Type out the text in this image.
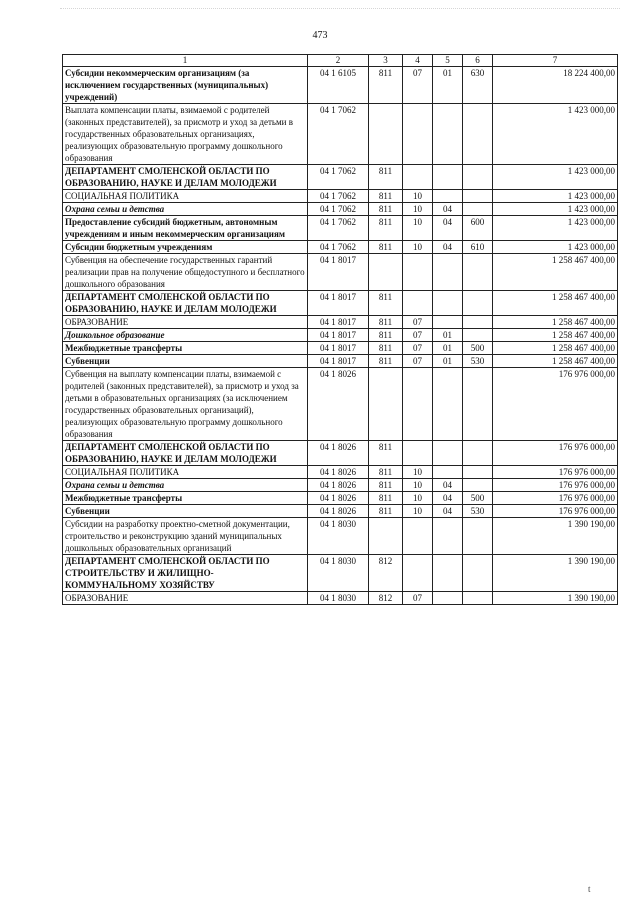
473
t
1	2	3	4	5	6	7
Субсидии некоммерческим организациям (за исключением государственных (муниципальных) учреждений)	04 1 6105	811	07	01	630	18 224 400,00
Выплата компенсации платы, взимаемой с родителей (законных представителей), за присмотр и уход за детьми в государственных образовательных организациях, реализующих образовательную программу дошкольного образования	04 1 7062					1 423 000,00
ДЕПАРТАМЕНТ СМОЛЕНСКОЙ ОБЛАСТИ ПО ОБРАЗОВАНИЮ, НАУКЕ И ДЕЛАМ МОЛОДЕЖИ	04 1 7062	811				1 423 000,00
СОЦИАЛЬНАЯ ПОЛИТИКА	04 1 7062	811	10			1 423 000,00
Охрана семьи и детства	04 1 7062	811	10	04		1 423 000,00
Предоставление субсидий бюджетным, автономным учреждениям и иным некоммерческим организациям	04 1 7062	811	10	04	600	1 423 000,00
Субсидии бюджетным учреждениям	04 1 7062	811	10	04	610	1 423 000,00
Субвенция на обеспечение государственных гарантий реализации прав на получение общедоступного и бесплатного дошкольного образования	04 1 8017					1 258 467 400,00
ДЕПАРТАМЕНТ СМОЛЕНСКОЙ ОБЛАСТИ ПО ОБРАЗОВАНИЮ, НАУКЕ И ДЕЛАМ МОЛОДЕЖИ	04 1 8017	811				1 258 467 400,00
ОБРАЗОВАНИЕ	04 1 8017	811	07			1 258 467 400,00
Дошкольное образование	04 1 8017	811	07	01		1 258 467 400,00
Межбюджетные трансферты	04 1 8017	811	07	01	500	1 258 467 400,00
Субвенции	04 1 8017	811	07	01	530	1 258 467 400,00
Субвенция на выплату компенсации платы, взимаемой с родителей (законных представителей), за присмотр и уход за детьми в образовательных организациях (за исключением государственных образовательных организаций), реализующих образовательную программу дошкольного образования	04 1 8026					176 976 000,00
ДЕПАРТАМЕНТ СМОЛЕНСКОЙ ОБЛАСТИ ПО ОБРАЗОВАНИЮ, НАУКЕ И ДЕЛАМ МОЛОДЕЖИ	04 1 8026	811				176 976 000,00
СОЦИАЛЬНАЯ ПОЛИТИКА	04 1 8026	811	10			176 976 000,00
Охрана семьи и детства	04 1 8026	811	10	04		176 976 000,00
Межбюджетные трансферты	04 1 8026	811	10	04	500	176 976 000,00
Субвенции	04 1 8026	811	10	04	530	176 976 000,00
Субсидии на разработку проектно-сметной документации, строительство и реконструкцию зданий муниципальных дошкольных образовательных организаций	04 1 8030					1 390 190,00
ДЕПАРТАМЕНТ СМОЛЕНСКОЙ ОБЛАСТИ ПО СТРОИТЕЛЬСТВУ И ЖИЛИЩНО-КОММУНАЛЬНОМУ ХОЗЯЙСТВУ	04 1 8030	812				1 390 190,00
ОБРАЗОВАНИЕ	04 1 8030	812	07			1 390 190,00
